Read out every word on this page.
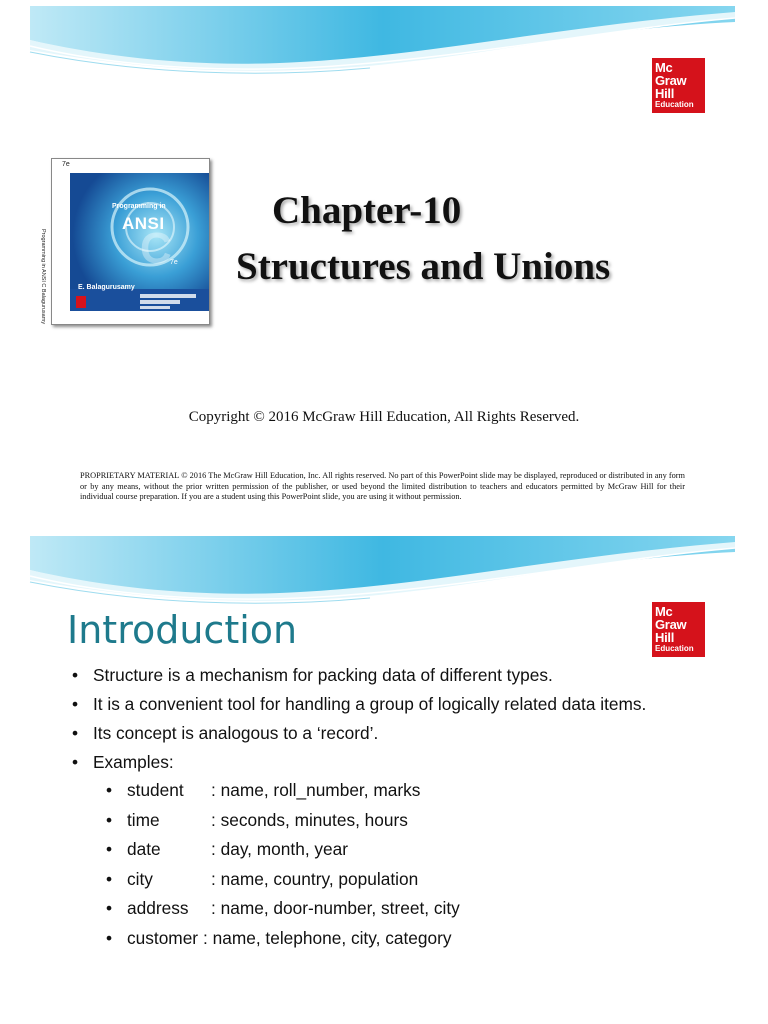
Mc
Graw
Hill
Education
C
7e
Programming in ANSI C Balagurusamy
Programming in
ANSI
7e
E. Balagurusamy
Chapter-10
Structures and Unions
Copyright © 2016 McGraw Hill Education, All Rights Reserved.
PROPRIETARY MATERIAL © 2016 The McGraw Hill Education, Inc. All rights reserved. No part of this PowerPoint slide may be displayed, reproduced or distributed in any form or by any means, without the prior written permission of the publisher, or used beyond the limited distribution to teachers and educators permitted by McGraw Hill for their individual course preparation. If you are a student using this PowerPoint slide, you are using it without permission.
Mc
Graw
Hill
Education
Introduction
• Structure is a mechanism for packing data of different types.
• It is a convenient tool for handling a group of logically related data items.
• Its concept is analogous to a ‘record’.
• Examples:
• student : name, roll_number, marks
• time	: seconds, minutes, hours
• date	: day, month, year
• city	: name, country, population
• address : name, door-number, street, city
• customer : name, telephone, city, category
